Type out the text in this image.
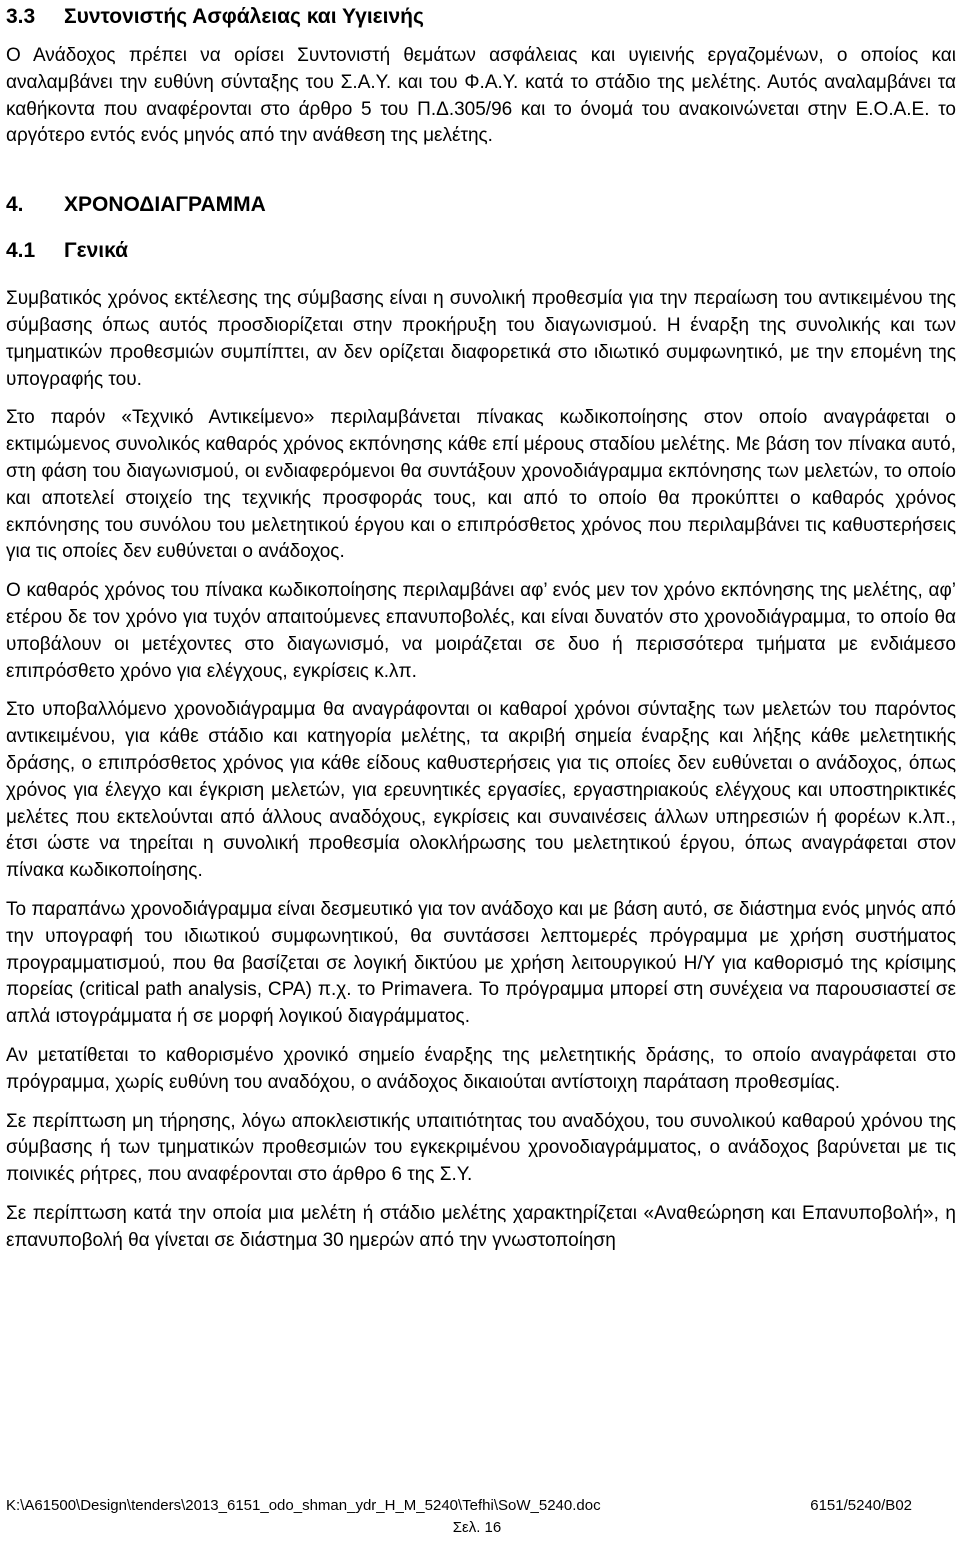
3.3 Συντονιστής Ασφάλειας και Υγιεινής
Ο Ανάδοχος πρέπει να ορίσει Συντονιστή θεμάτων ασφάλειας και υγιεινής εργαζομένων, ο οποίος και αναλαμβάνει την ευθύνη σύνταξης του Σ.Α.Υ. και του Φ.Α.Υ. κατά το στάδιο της μελέτης. Αυτός αναλαμβάνει τα καθήκοντα που αναφέρονται στο άρθρο 5 του Π.Δ.305/96 και το όνομά του ανακοινώνεται στην Ε.Ο.Α.Ε. το αργότερο εντός ενός μηνός από την ανάθεση της μελέτης.
4. ΧΡΟΝΟΔΙΑΓΡΑΜΜΑ
4.1 Γενικά
Συμβατικός χρόνος εκτέλεσης της σύμβασης είναι η συνολική προθεσμία για την περαίωση του αντικειμένου της σύμβασης όπως αυτός προσδιορίζεται στην προκήρυξη του διαγωνισμού. Η έναρξη της συνολικής και των τμηματικών προθεσμιών συμπίπτει, αν δεν ορίζεται διαφορετικά στο ιδιωτικό συμφωνητικό, με την επομένη της υπογραφής του.
Στο παρόν «Τεχνικό Αντικείμενο» περιλαμβάνεται πίνακας κωδικοποίησης στον οποίο αναγράφεται ο εκτιμώμενος συνολικός καθαρός χρόνος εκπόνησης κάθε επί μέρους σταδίου μελέτης. Με βάση τον πίνακα αυτό, στη φάση του διαγωνισμού, οι ενδιαφερόμενοι θα συντάξουν χρονοδιάγραμμα εκπόνησης των μελετών, το οποίο και αποτελεί στοιχείο της τεχνικής προσφοράς τους, και από το οποίο θα προκύπτει ο καθαρός χρόνος εκπόνησης του συνόλου του μελετητικού έργου και ο επιπρόσθετος χρόνος που περιλαμβάνει τις καθυστερήσεις για τις οποίες δεν ευθύνεται ο ανάδοχος.
Ο καθαρός χρόνος του πίνακα κωδικοποίησης περιλαμβάνει αφ’ ενός μεν τον χρόνο εκπόνησης της μελέτης, αφ’ ετέρου δε τον χρόνο για τυχόν απαιτούμενες επανυποβολές, και είναι δυνατόν στο χρονοδιάγραμμα, το οποίο θα υποβάλουν οι μετέχοντες στο διαγωνισμό, να μοιράζεται σε δυο ή περισσότερα τμήματα με ενδιάμεσο επιπρόσθετο χρόνο για ελέγχους, εγκρίσεις κ.λπ.
Στο υποβαλλόμενο χρονοδιάγραμμα θα αναγράφονται οι καθαροί χρόνοι σύνταξης των μελετών του παρόντος αντικειμένου, για κάθε στάδιο και κατηγορία μελέτης, τα ακριβή σημεία έναρξης και λήξης κάθε μελετητικής δράσης, ο επιπρόσθετος χρόνος για κάθε είδους καθυστερήσεις για τις οποίες δεν ευθύνεται ο ανάδοχος, όπως χρόνος για έλεγχο και έγκριση μελετών, για ερευνητικές εργασίες, εργαστηριακούς ελέγχους και υποστηρικτικές μελέτες που εκτελούνται από άλλους αναδόχους, εγκρίσεις και συναινέσεις άλλων υπηρεσιών ή φορέων κ.λπ., έτσι ώστε να τηρείται η συνολική προθεσμία ολοκλήρωσης του μελετητικού έργου, όπως αναγράφεται στον πίνακα κωδικοποίησης.
Το παραπάνω χρονοδιάγραμμα είναι δεσμευτικό για τον ανάδοχο και με βάση αυτό, σε διάστημα ενός μηνός από την υπογραφή του ιδιωτικού συμφωνητικού, θα συντάσσει λεπτομερές πρόγραμμα με χρήση συστήματος προγραμματισμού, που θα βασίζεται σε λογική δικτύου με χρήση λειτουργικού Η/Υ για καθορισμό της κρίσιμης πορείας (critical path analysis, CPA) π.χ. το Primavera. Το πρόγραμμα μπορεί στη συνέχεια να παρουσιαστεί σε απλά ιστογράμματα ή σε μορφή λογικού διαγράμματος.
Αν μετατίθεται το καθορισμένο χρονικό σημείο έναρξης της μελετητικής δράσης, το οποίο αναγράφεται στο πρόγραμμα, χωρίς ευθύνη του αναδόχου, ο ανάδοχος δικαιούται αντίστοιχη παράταση προθεσμίας.
Σε περίπτωση μη τήρησης, λόγω αποκλειστικής υπαιτιότητας του αναδόχου, του συνολικού καθαρού χρόνου της σύμβασης ή των τμηματικών προθεσμιών του εγκεκριμένου χρονοδιαγράμματος, ο ανάδοχος βαρύνεται με τις ποινικές ρήτρες, που αναφέρονται στο άρθρο 6 της Σ.Υ.
Σε περίπτωση κατά την οποία μια μελέτη ή στάδιο μελέτης χαρακτηρίζεται «Αναθεώρηση και Επανυποβολή», η επανυποβολή θα γίνεται σε διάστημα 30 ημερών από την γνωστοποίηση
K:\A61500\Design\tenders\2013_6151_odo_shman_ydr_H_M_5240\Tefhi\SoW_5240.doc	6151/5240/B02
Σελ. 16
